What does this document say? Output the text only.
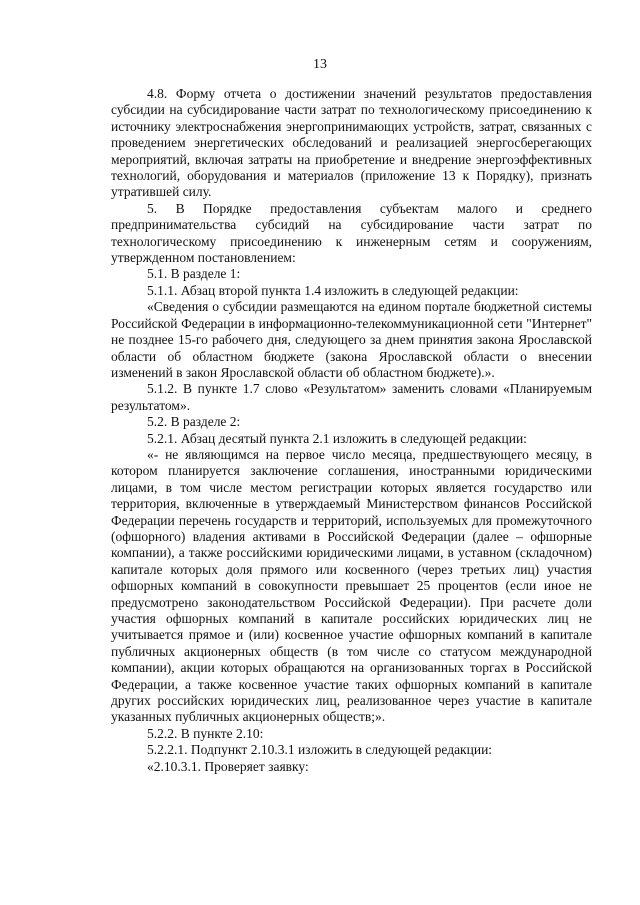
13

4.8. Форму отчета о достижении значений результатов предоставления субсидии на субсидирование части затрат по технологическому присоединению к источнику электроснабжения энергопринимающих устройств, затрат, связанных с проведением энергетических обследований и реализацией энергосберегающих мероприятий, включая затраты на приобретение и внедрение энергоэффективных технологий, оборудования и материалов (приложение 13 к Порядку), признать утратившей силу.

5. В Порядке предоставления субъектам малого и среднего предпринимательства субсидий на субсидирование части затрат по технологическому присоединению к инженерным сетям и сооружениям, утвержденном постановлением:

5.1. В разделе 1:

5.1.1. Абзац второй пункта 1.4 изложить в следующей редакции:

«Сведения о субсидии размещаются на едином портале бюджетной системы Российской Федерации в информационно-телекоммуникационной сети "Интернет" не позднее 15-го рабочего дня, следующего за днем принятия закона Ярославской области об областном бюджете (закона Ярославской области о внесении изменений в закон Ярославской области об областном бюджете).».

5.1.2. В пункте 1.7 слово «Результатом» заменить словами «Планируемым результатом».

5.2. В разделе 2:

5.2.1. Абзац десятый пункта 2.1 изложить в следующей редакции:

«- не являющимся на первое число месяца, предшествующего месяцу, в котором планируется заключение соглашения, иностранными юридическими лицами, в том числе местом регистрации которых является государство или территория, включенные в утверждаемый Министерством финансов Российской Федерации перечень государств и территорий, используемых для промежуточного (офшорного) владения активами в Российской Федерации (далее – офшорные компании), а также российскими юридическими лицами, в уставном (складочном) капитале которых доля прямого или косвенного (через третьих лиц) участия офшорных компаний в совокупности превышает 25 процентов (если иное не предусмотрено законодательством Российской Федерации). При расчете доли участия офшорных компаний в капитале российских юридических лиц не учитывается прямое и (или) косвенное участие офшорных компаний в капитале публичных акционерных обществ (в том числе со статусом международной компании), акции которых обращаются на организованных торгах в Российской Федерации, а также косвенное участие таких офшорных компаний в капитале других российских юридических лиц, реализованное через участие в капитале указанных публичных акционерных обществ;».

5.2.2. В пункте 2.10:

5.2.2.1. Подпункт 2.10.3.1 изложить в следующей редакции:

«2.10.3.1. Проверяет заявку:
